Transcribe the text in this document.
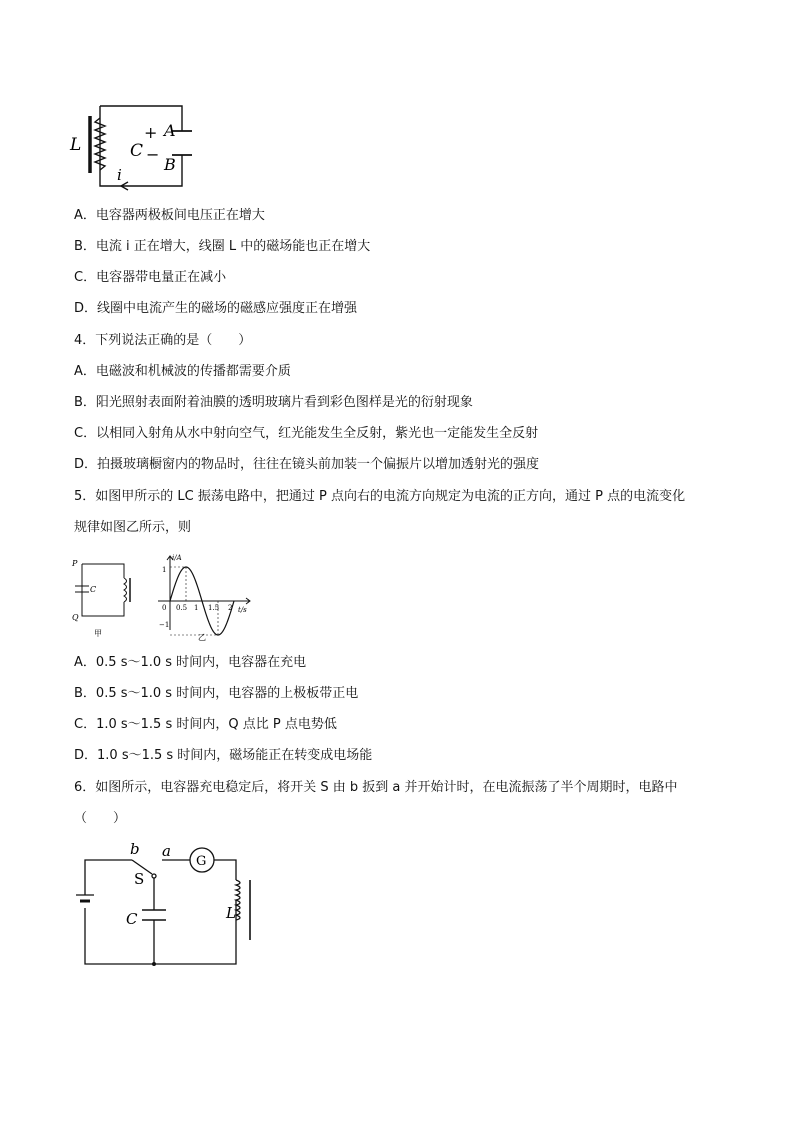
L	C
+
−
A
B
i
A．电容器两极板间电压正在增大
B．电流 i 正在增大，线圈 L 中的磁场能也正在增大
C．电容器带电量正在减小
D．线圈中电流产生的磁场的磁感应强度正在增强
4．下列说法正确的是（　　）
A．电磁波和机械波的传播都需要介质
B．阳光照射表面附着油膜的透明玻璃片看到彩色图样是光的衍射现象
C．以相同入射角从水中射向空气，红光能发生全反射，紫光也一定能发生全反射
D．拍摄玻璃橱窗内的物品时，往往在镜头前加装一个偏振片以增加透射光的强度
5．如图甲所示的 LC 振荡电路中，把通过 P 点向右的电流方向规定为电流的正方向，通过 P 点的电流变化
规律如图乙所示，则
P
Q
C
甲
i/A
t/s
1
−1
0 0.5 1 1.5 2
乙
A．0.5 s～1.0 s 时间内，电容器在充电
B．0.5 s～1.0 s 时间内，电容器的上极板带正电
C．1.0 s～1.5 s 时间内，Q 点比 P 点电势低
D．1.0 s～1.5 s 时间内，磁场能正在转变成电场能
6．如图所示，电容器充电稳定后，将开关 S 由 b 扳到 a 并开始计时，在电流振荡了半个周期时，电路中
（　　）
b a
S
C	L
G
